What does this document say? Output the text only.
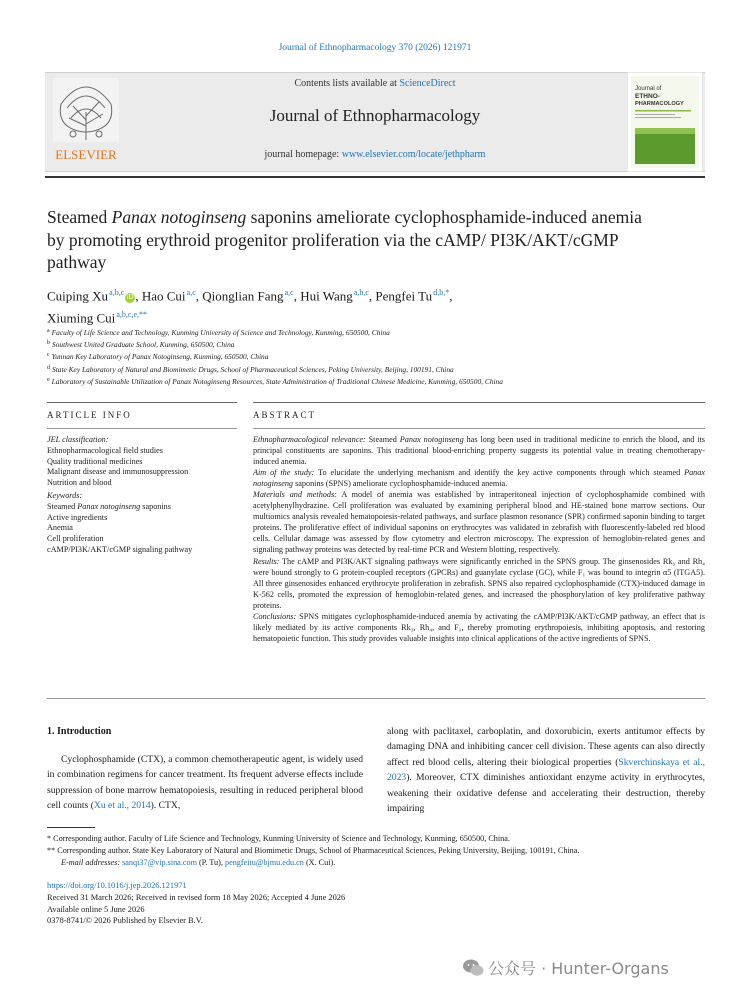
Journal of Ethnopharmacology 370 (2026) 121971
ELSEVIER
Contents lists available at ScienceDirect
Journal of Ethnopharmacology
journal homepage: www.elsevier.com/locate/jethpharm
Journal of
ETHNO-
PHARMACOLOGY
Steamed Panax notoginseng saponins ameliorate cyclophosphamide-induced anemia by promoting erythroid progenitor proliferation via the cAMP/ PI3K/AKT/cGMP pathway
Cuiping Xu $^{a,b,c}$ iD , Hao Cui $^{a,c}$, Qionglian Fang $^{a,c}$, Hui Wang $^{a,b,c}$, Pengfei Tu $^{d,b,*}$,
Xiuming Cui $^{a,b,c,e,**}$
$^a$ Faculty of Life Science and Technology, Kunming University of Science and Technology, Kunming, 650500, China
$^b$ Southwest United Graduate School, Kunming, 650500, China
$^c$ Yunnan Key Laboratory of Panax Notoginseng, Kunming, 650500, China
$^d$ State Key Laboratory of Natural and Biomimetic Drugs, School of Pharmaceutical Sciences, Peking University, Beijing, 100191, China
$^e$ Laboratory of Sustainable Utilization of Panax Notoginseng Resources, State Administration of Traditional Chinese Medicine, Kunming, 650500, China
ARTICLE INFO	ABSTRACT
JEL classification:
Ethnopharmacological field studies
Quality traditional medicines
Malignant disease and immunosuppression
Nutrition and blood
Keywords:
Steamed Panax notoginseng saponins
Active ingredients
Anemia
Cell proliferation
cAMP/PI3K/AKT/cGMP signaling pathway
Ethnopharmacological relevance: Steamed Panax notoginseng has long been used in traditional medicine to enrich the blood, and its principal constituents are saponins. This traditional blood-enriching property suggests its potential value in treating chemotherapy-induced anemia.
Aim of the study: To elucidate the underlying mechanism and identify the key active components through which steamed Panax notoginseng saponins (SPNS) ameliorate cyclophosphamide-induced anemia.
Materials and methods: A model of anemia was established by intraperitoneal injection of cyclophosphamide combined with acetylphenylhydrazine. Cell proliferation was evaluated by examining peripheral blood and HE-stained bone marrow sections. Our multiomics analysis revealed hematopoiesis-related pathways, and surface plasmon resonance (SPR) confirmed saponin binding to target proteins. The proliferative effect of individual saponins on erythrocytes was validated in zebrafish with fluorescently-labeled red blood cells. Cellular damage was assessed by flow cytometry and electron microscopy. The expression of hemoglobin-related genes and signaling pathway proteins was detected by real-time PCR and Western blotting, respectively.
Results: The cAMP and PI3K/AKT signaling pathways were significantly enriched in the SPNS group. The ginsenosides Rk₃ and Rh₄ were bound strongly to G protein-coupled receptors (GPCRs) and guanylate cyclase (GC), while F₁ was bound to integrin α5 (ITGA5). All three ginsenosides enhanced erythrocyte proliferation in zebrafish. SPNS also repaired cyclophosphamide (CTX)-induced damage in K-562 cells, promoted the expression of hemoglobin-related genes, and increased the phosphorylation of key proliferative pathway proteins.
Conclusions: SPNS mitigates cyclophosphamide-induced anemia by activating the cAMP/PI3K/AKT/cGMP pathway, an effect that is likely mediated by its active components Rk₃, Rh₄, and F₁, thereby promoting erythropoiesis, inhibiting apoptosis, and restoring hematopoietic function. This study provides valuable insights into clinical applications of the active ingredients of SPNS.
1. Introduction
Cyclophosphamide (CTX), a common chemotherapeutic agent, is widely used in combination regimens for cancer treatment. Its frequent adverse effects include suppression of bone marrow hematopoiesis, resulting in reduced peripheral blood cell counts (Xu et al., 2014). CTX,
along with paclitaxel, carboplatin, and doxorubicin, exerts antitumor effects by damaging DNA and inhibiting cancer cell division. These agents can also directly affect red blood cells, altering their biological properties (Skverchinskaya et al., 2023). Moreover, CTX diminishes antioxidant enzyme activity in erythrocytes, weakening their oxidative defense and accelerating their destruction, thereby impairing
* Corresponding author. Faculty of Life Science and Technology, Kunming University of Science and Technology, Kunming, 650500, China.
** Corresponding author. State Key Laboratory of Natural and Biomimetic Drugs, School of Pharmaceutical Sciences, Peking University, Beijing, 100191, China.
E-mail addresses: sanqi37@vip.sina.com (P. Tu), pengfeitu@bjmu.edu.cn (X. Cui).
https://doi.org/10.1016/j.jep.2026.121971
Received 31 March 2026; Received in revised form 18 May 2026; Accepted 4 June 2026
Available online 5 June 2026
0378-8741/© 2026 Published by Elsevier B.V.
公众号 · Hunter-Organs
